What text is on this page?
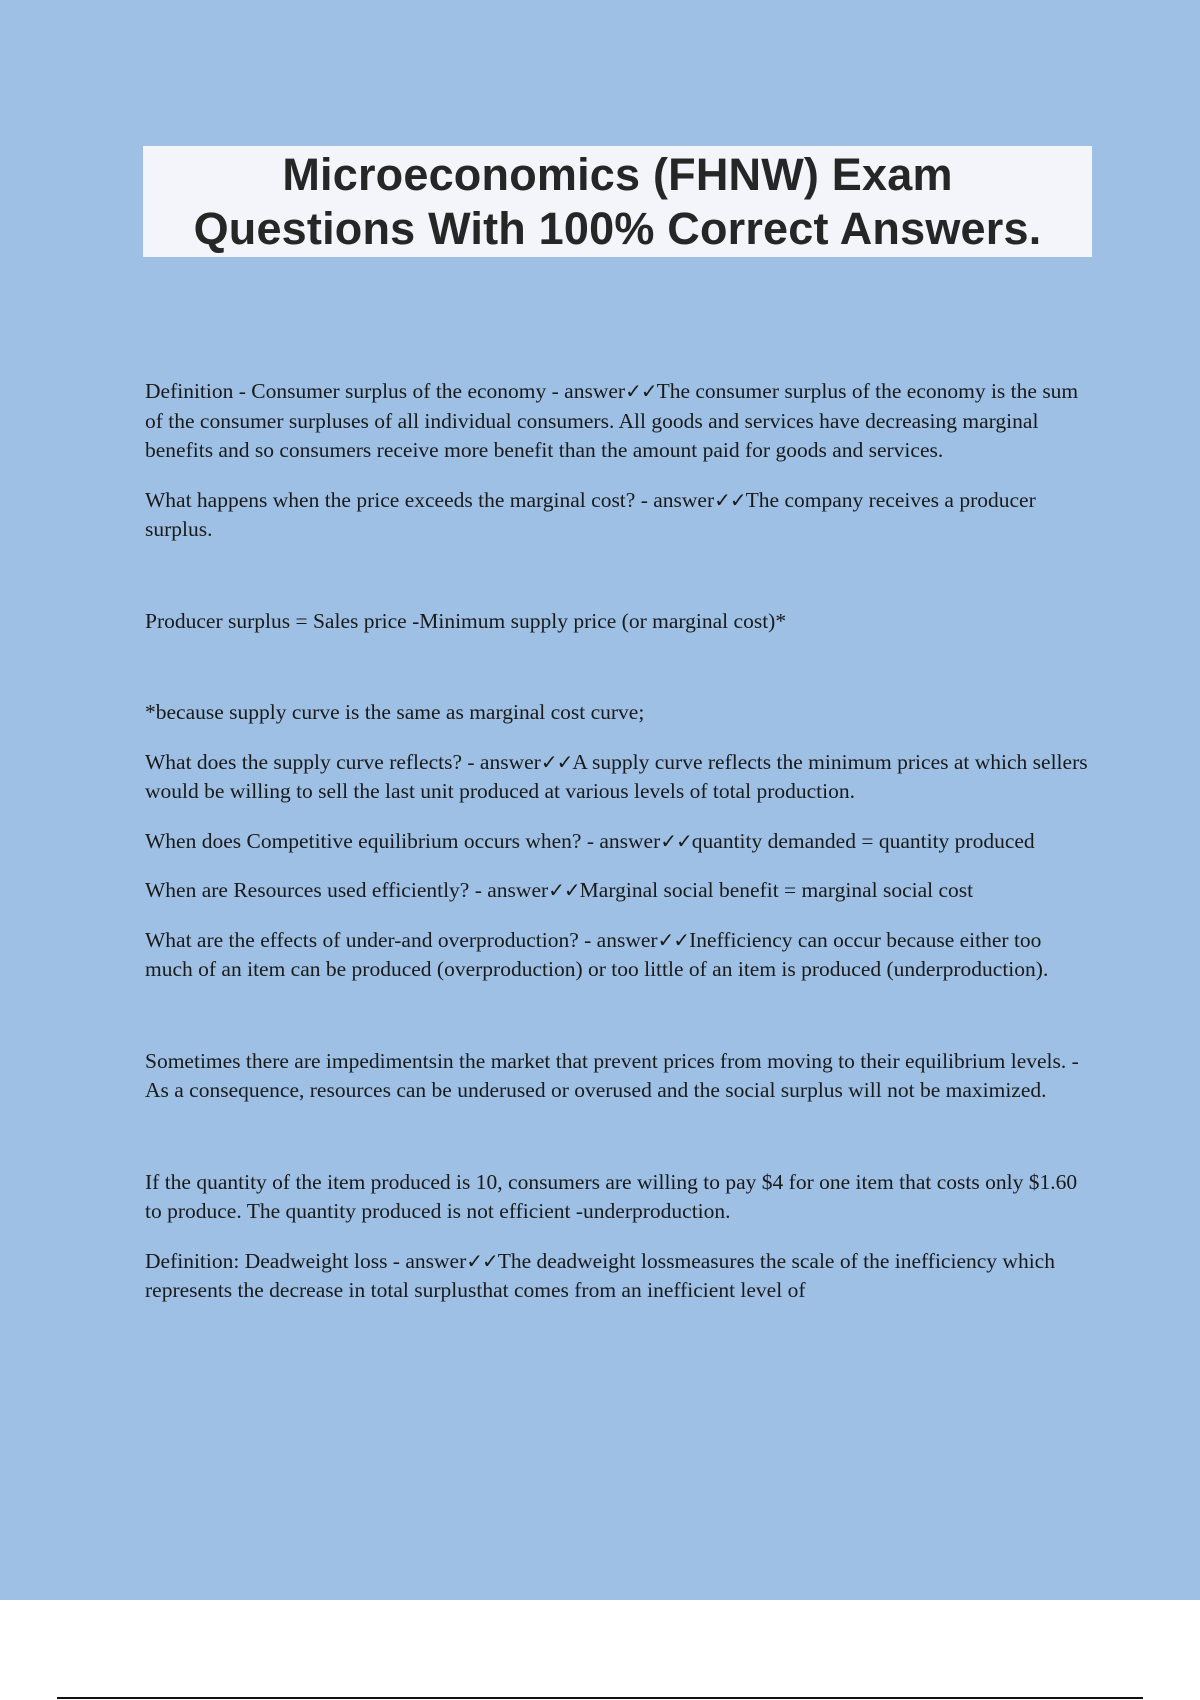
Microeconomics (FHNW) Exam
Questions With 100% Correct Answers.

Definition - Consumer surplus of the economy - answer✓✓The consumer surplus of the economy is the sum of the consumer surpluses of all individual consumers. All goods and services have decreasing marginal benefits and so consumers receive more benefit than the amount paid for goods and services.

What happens when the price exceeds the marginal cost? - answer✓✓The company receives a producer surplus.

Producer surplus = Sales price -Minimum supply price (or marginal cost)*

*because supply curve is the same as marginal cost curve;

What does the supply curve reflects? - answer✓✓A supply curve reflects the minimum prices at which sellers would be willing to sell the last unit produced at various levels of total production.

When does Competitive equilibrium occurs when? - answer✓✓quantity demanded = quantity produced

When are Resources used efficiently? - answer✓✓Marginal social benefit = marginal social cost

What are the effects of under-and overproduction? - answer✓✓Inefficiency can occur because either too much of an item can be produced (overproduction) or too little of an item is produced (underproduction).

Sometimes there are impedimentsin the market that prevent prices from moving to their equilibrium levels. -As a consequence, resources can be underused or overused and the social surplus will not be maximized.

If the quantity of the item produced is 10, consumers are willing to pay $4 for one item that costs only $1.60 to produce. The quantity produced is not efficient -underproduction.

Definition: Deadweight loss - answer✓✓The deadweight lossmeasures the scale of the inefficiency which represents the decrease in total surplusthat comes from an inefficient level of
